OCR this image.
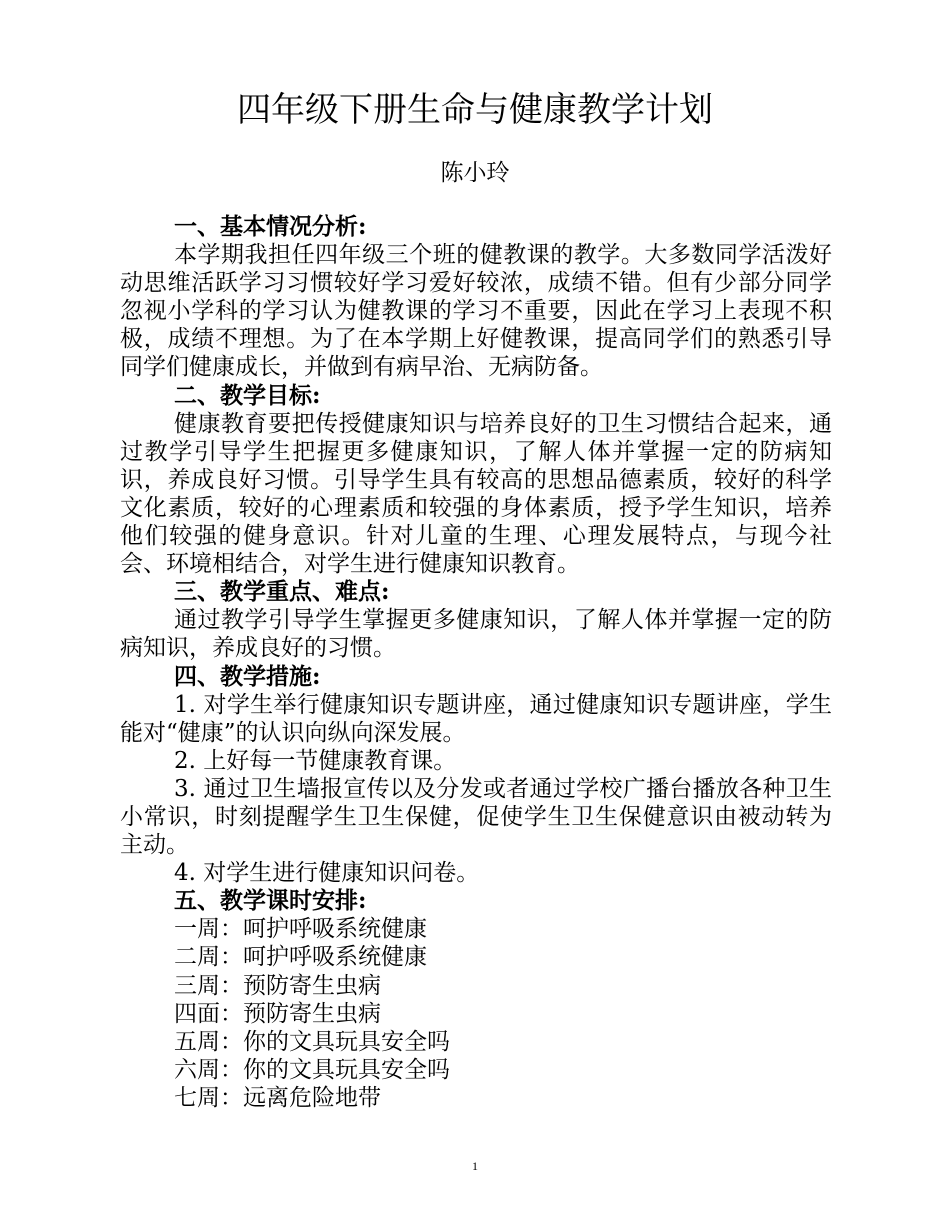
四年级下册生命与健康教学计划

陈小玲

一、基本情况分析:

本学期我担任四年级三个班的健教课的教学。大多数同学活泼好动思维活跃学习习惯较好学习爱好较浓，成绩不错。但有少部分同学忽视小学科的学习认为健教课的学习不重要，因此在学习上表现不积极，成绩不理想。为了在本学期上好健教课，提高同学们的熟悉引导同学们健康成长，并做到有病早治、无病防备。

二、教学目标:

健康教育要把传授健康知识与培养良好的卫生习惯结合起来，通过教学引导学生把握更多健康知识，了解人体并掌握一定的防病知识，养成良好习惯。引导学生具有较高的思想品德素质，较好的科学文化素质，较好的心理素质和较强的身体素质，授予学生知识，培养他们较强的健身意识。针对儿童的生理、心理发展特点，与现今社会、环境相结合，对学生进行健康知识教育。

三、教学重点、难点:

通过教学引导学生掌握更多健康知识，了解人体并掌握一定的防病知识，养成良好的习惯。

四、教学措施:

1. 对学生举行健康知识专题讲座，通过健康知识专题讲座，学生能对“健康”的认识向纵向深发展。

2. 上好每一节健康教育课。

3. 通过卫生墙报宣传以及分发或者通过学校广播台播放各种卫生小常识，时刻提醒学生卫生保健，促使学生卫生保健意识由被动转为主动。

4. 对学生进行健康知识问卷。

五、教学课时安排:

一周：呵护呼吸系统健康

二周：呵护呼吸系统健康

三周：预防寄生虫病

四面：预防寄生虫病

五周：你的文具玩具安全吗

六周：你的文具玩具安全吗

七周：远离危险地带

1
